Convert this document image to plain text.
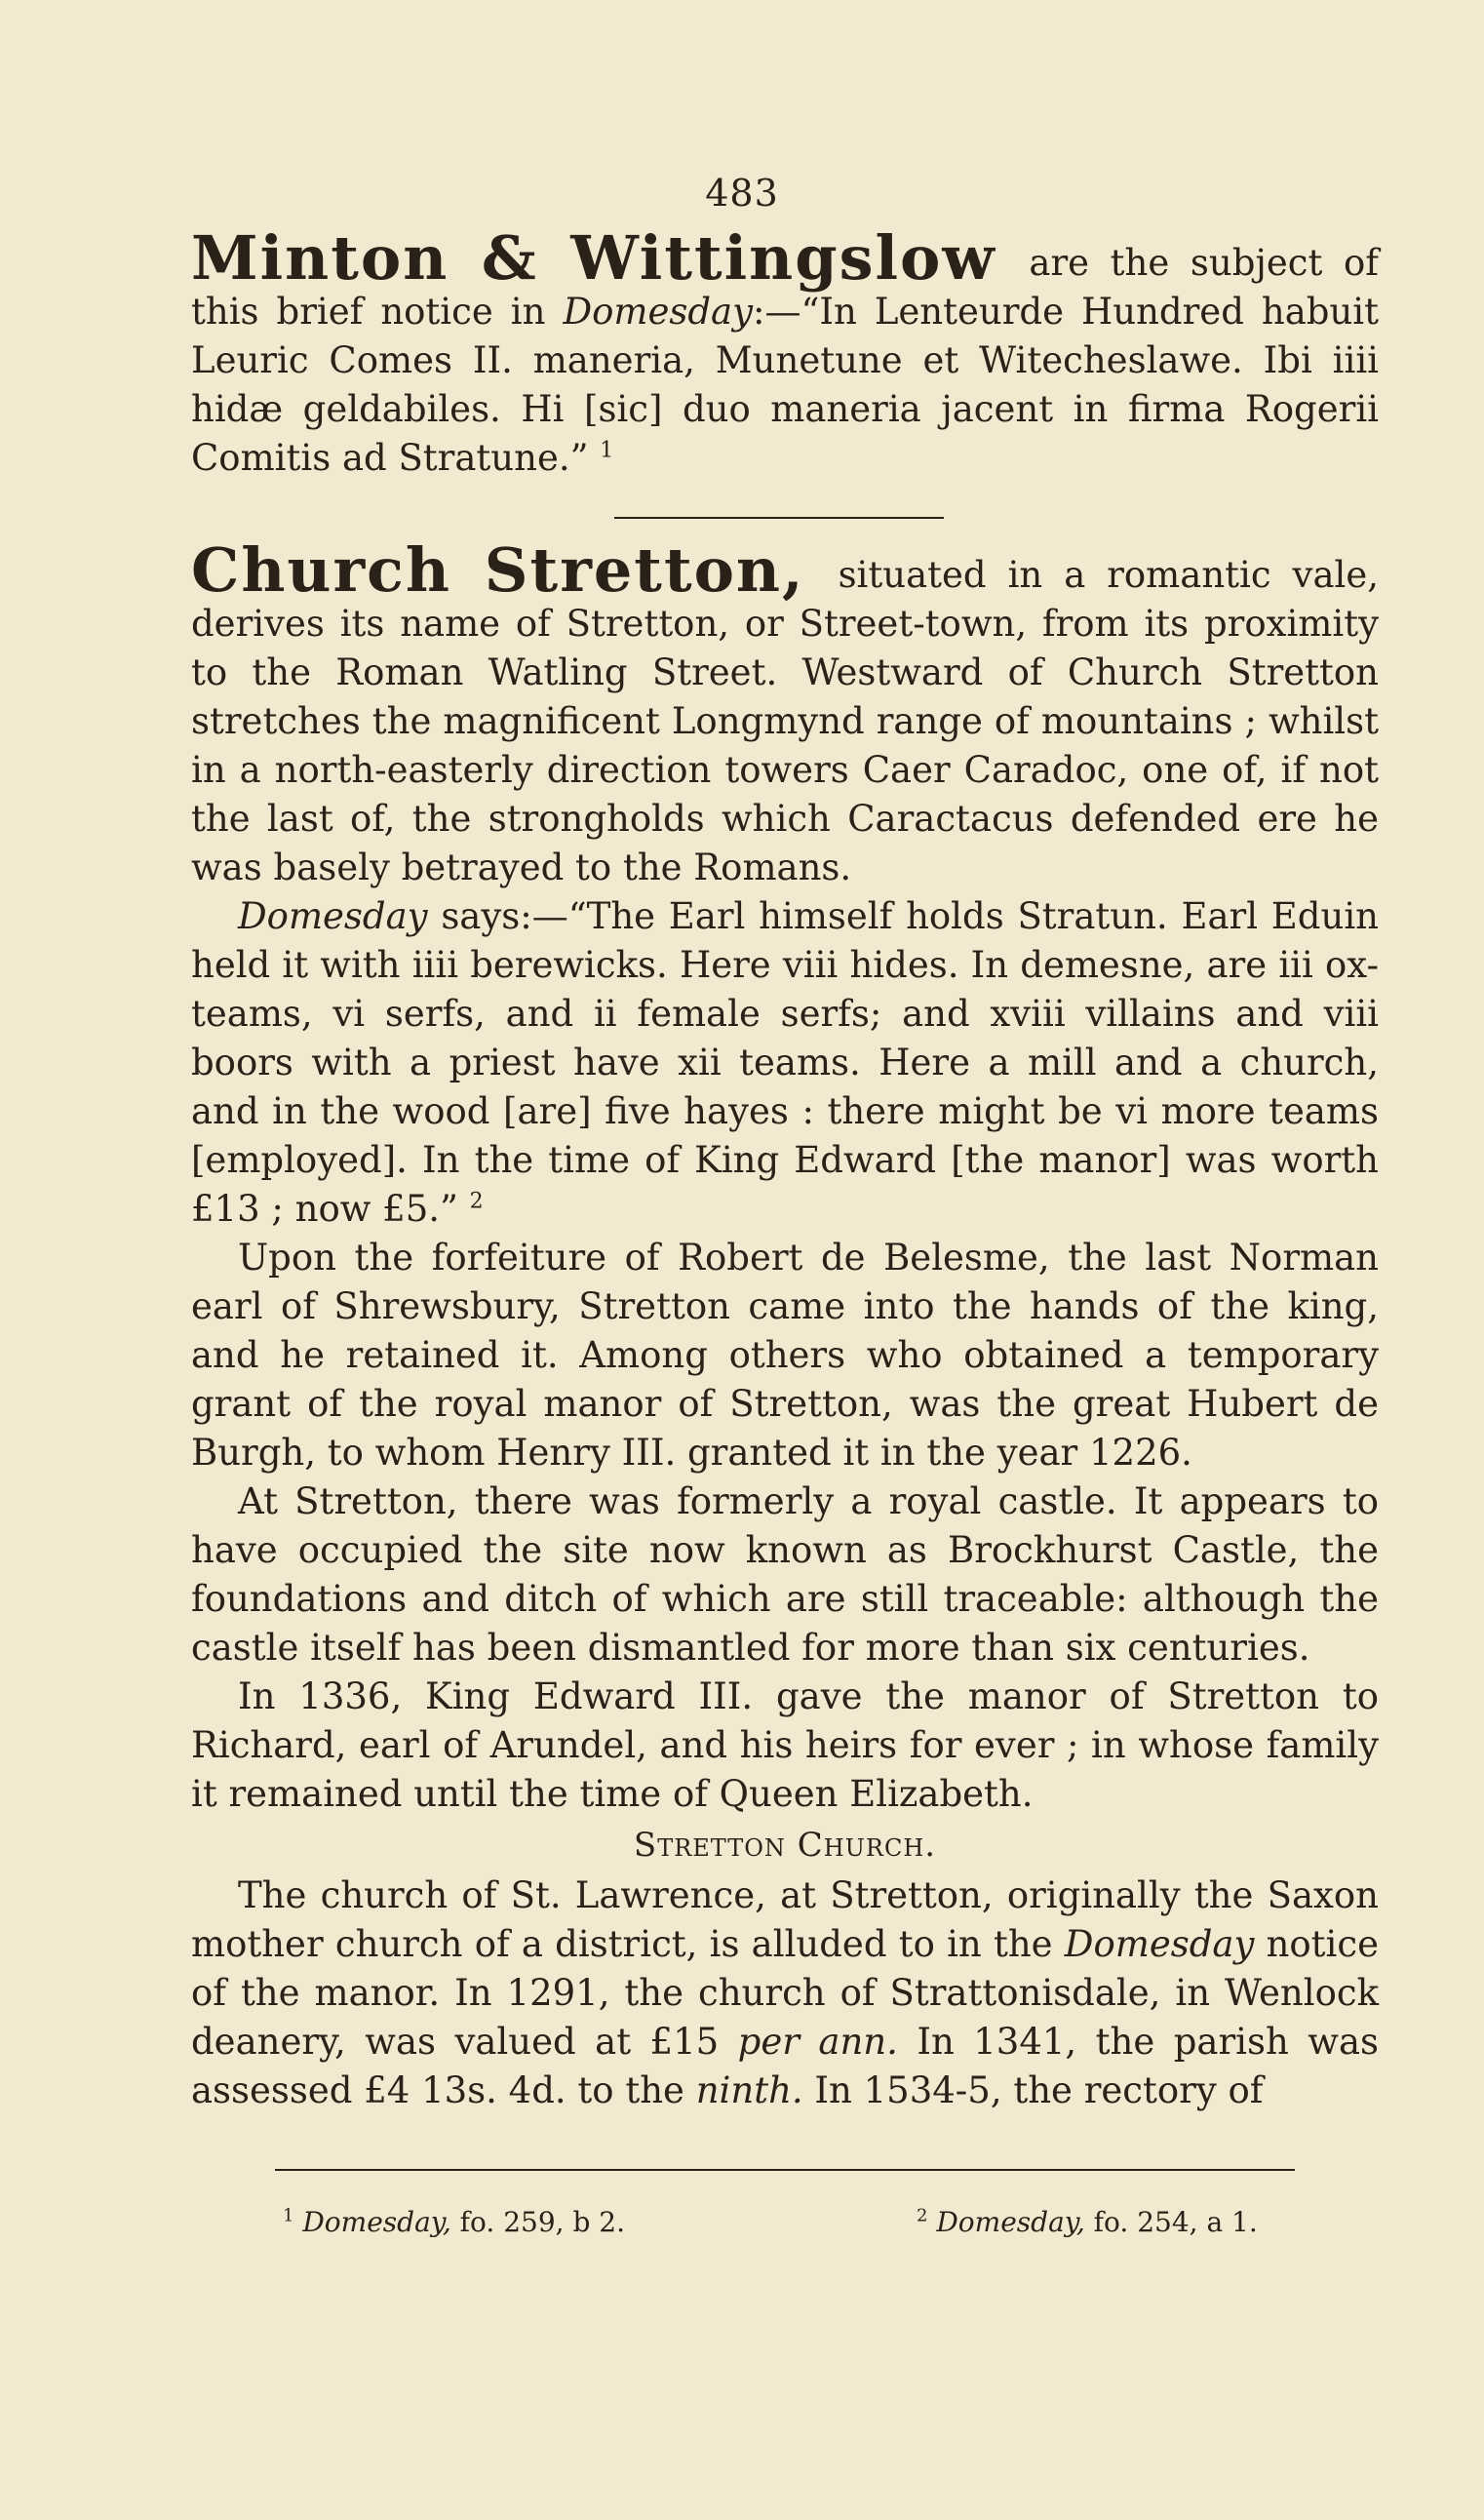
483

Minton & Wittingslow are the subject of this brief notice in Domesday:—“In Lenteurde Hundred habuit Leuric Comes II. maneria, Munetune et Witecheslawe. Ibi iiii hidæ geldabiles. Hi [sic] duo maneria jacent in firma Rogerii Comitis ad Stratune.” $^1$

Church Stretton, situated in a romantic vale, derives its name of Stretton, or Street-town, from its proximity to the Roman Watling Street. Westward of Church Stretton stretches the magnificent Longmynd range of mountains ; whilst in a north-easterly direction towers Caer Caradoc, one of, if not the last of, the strongholds which Caractacus defended ere he was basely betrayed to the Romans.

Domesday says:—“The Earl himself holds Stratun. Earl Eduin held it with iiii berewicks. Here viii hides. In demesne, are iii ox-teams, vi serfs, and ii female serfs; and xviii villains and viii boors with a priest have xii teams. Here a mill and a church, and in the wood [are] five hayes : there might be vi more teams [employed]. In the time of King Edward [the manor] was worth £13 ; now £5.” $^2$

Upon the forfeiture of Robert de Belesme, the last Norman earl of Shrewsbury, Stretton came into the hands of the king, and he retained it. Among others who obtained a temporary grant of the royal manor of Stretton, was the great Hubert de Burgh, to whom Henry III. granted it in the year 1226.

At Stretton, there was formerly a royal castle. It appears to have occupied the site now known as Brockhurst Castle, the foundations and ditch of which are still traceable: although the castle itself has been dismantled for more than six centuries.

In 1336, King Edward III. gave the manor of Stretton to Richard, earl of Arundel, and his heirs for ever ; in whose family it remained until the time of Queen Elizabeth.

Stretton Church.

The church of St. Lawrence, at Stretton, originally the Saxon mother church of a district, is alluded to in the Domesday notice of the manor. In 1291, the church of Strattonisdale, in Wenlock deanery, was valued at £15 per ann. In 1341, the parish was assessed £4 13s. 4d. to the ninth. In 1534-5, the rectory of

$^1$ Domesday, fo. 259, b 2.	$^2$ Domesday, fo. 254, a 1.
